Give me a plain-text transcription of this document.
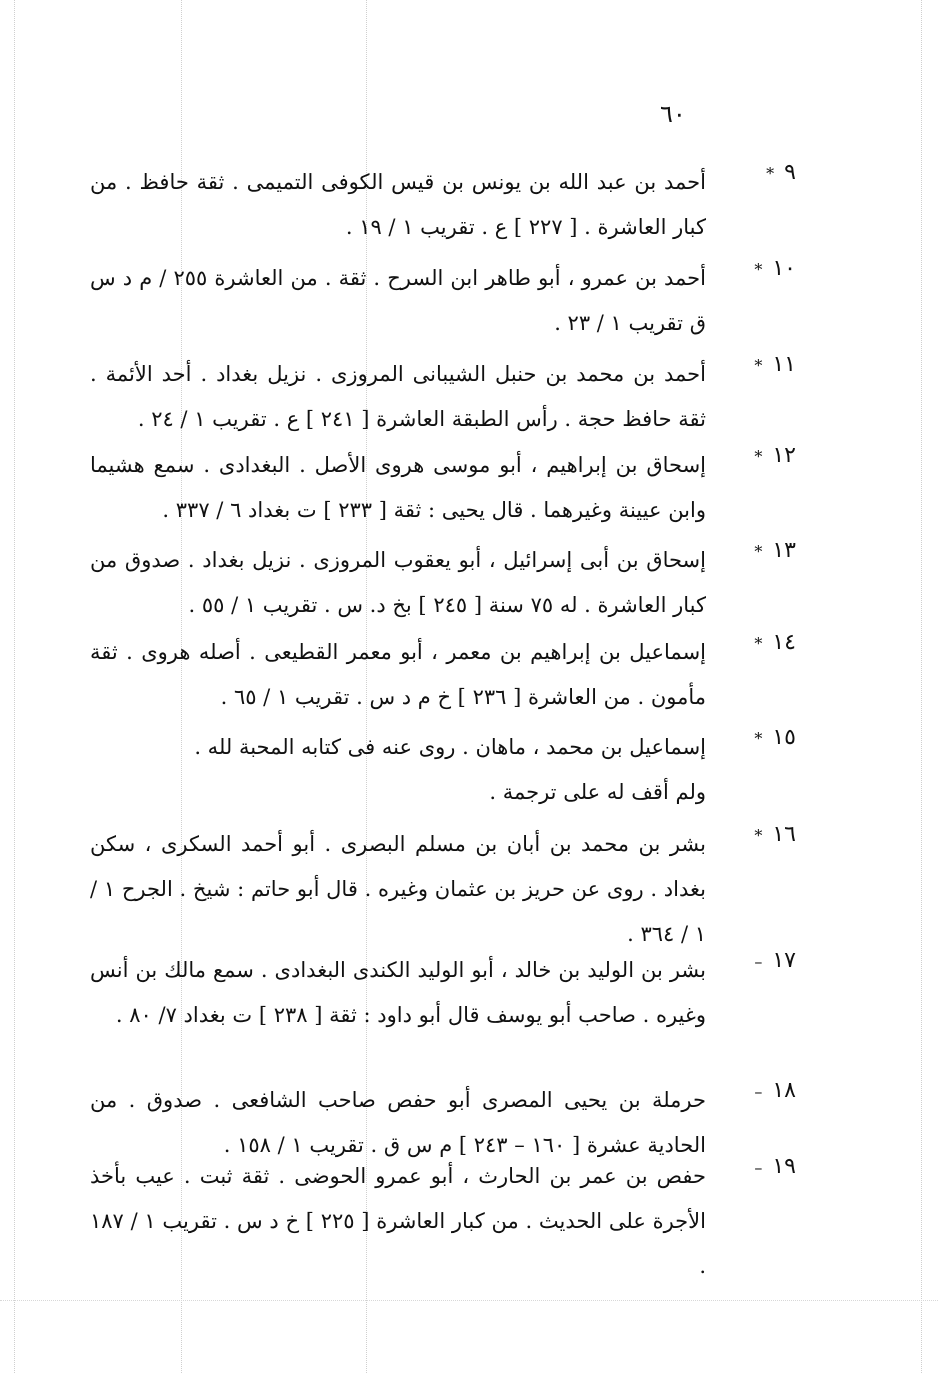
٦٠
٩*
أحمد بن عبد الله بن يونس بن قيس الكوفى التميمى . ثقة حافظ . من كبار العاشرة . [ ٢٢٧ ] ع . تقريب ١ / ١٩ .
١٠*
أحمد بن عمرو ، أبو طاهر ابن السرح . ثقة . من العاشرة ٢٥٥ / م د س ق تقريب ١ / ٢٣ .
١١*
أحمد بن محمد بن حنبل الشيبانى المروزى . نزيل بغداد . أحد الأئمة . ثقة حافظ حجة . رأس الطبقة العاشرة [ ٢٤١ ] ع . تقريب ١ / ٢٤ .
١٢*
إسحاق بن إبراهيم ، أبو موسى هروى الأصل . البغدادى . سمع هشيما وابن عيينة وغيرهما . قال يحيى : ثقة [ ٢٣٣ ] ت بغداد ٦ / ٣٣٧ .
١٣*
إسحاق بن أبى إسرائيل ، أبو يعقوب المروزى . نزيل بغداد . صدوق من كبار العاشرة . له ٧٥ سنة [ ٢٤٥ ] بخ د. س . تقريب ١ / ٥٥ .
١٤*
إسماعيل بن إبراهيم بن معمر ، أبو معمر القطيعى . أصله هروى . ثقة مأمون . من العاشرة [ ٢٣٦ ] خ م د س . تقريب ١ / ٦٥ .
١٥*
إسماعيل بن محمد ، ماهان . روى عنه فى كتابه المحبة لله .
ولم أقف له على ترجمة .
١٦*
بشر بن محمد بن أبان بن مسلم البصرى . أبو أحمد السكرى ، سكن بغداد . روى عن حريز بن عثمان وغيره . قال أبو حاتم : شيخ . الجرح ١ / ١ / ٣٦٤ .
١٧–
بشر بن الوليد بن خالد ، أبو الوليد الكندى البغدادى . سمع مالك بن أنس وغيره . صاحب أبو يوسف قال أبو داود : ثقة [ ٢٣٨ ] ت بغداد ٧/ ٨٠ .
١٨–
حرملة بن يحيى المصرى أبو حفص صاحب الشافعى . صدوق . من الحادية عشرة [ ١٦٠ – ٢٤٣ ] م س ق . تقريب ١ / ١٥٨ .
١٩–
حفص بن عمر بن الحارث ، أبو عمرو الحوضى . ثقة ثبت . عيب بأخذ الأجرة على الحديث . من كبار العاشرة [ ٢٢٥ ] خ د س . تقريب ١ / ١٨٧ .
